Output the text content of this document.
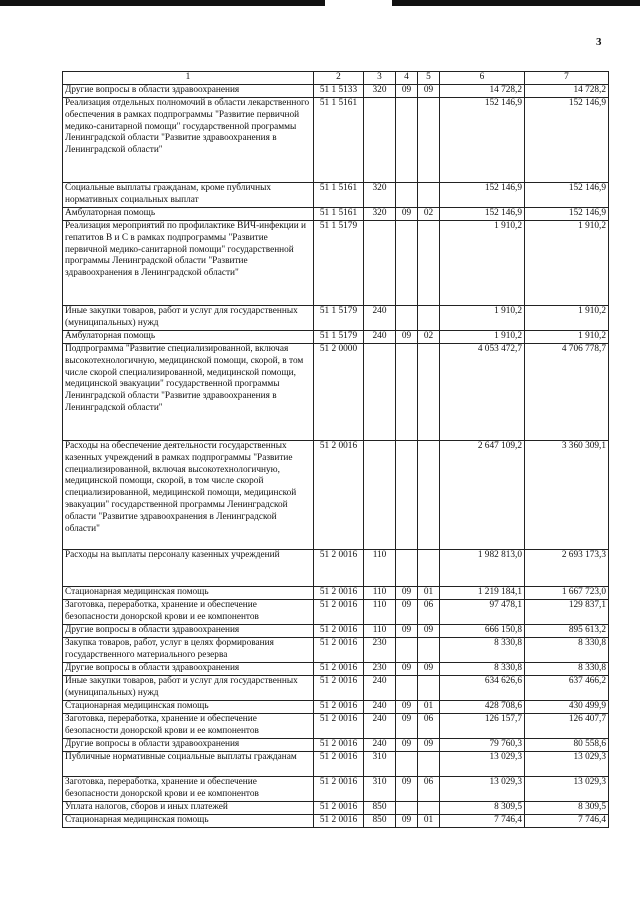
3
1	2	3	4	5	6	7
Другие вопросы в области здравоохранения	51 1 5133	320	09	09	14 728,2	14 728,2
Реализация отдельных полномочий в области лекарственного обеспечения в рамках подпрограммы "Развитие первичной медико-санитарной помощи" государственной программы Ленинградской области "Развитие здравоохранения в Ленинградской области"	51 1 5161				152 146,9	152 146,9
Социальные выплаты гражданам, кроме публичных нормативных социальных выплат	51 1 5161	320			152 146,9	152 146,9
Амбулаторная помощь	51 1 5161	320	09	02	152 146,9	152 146,9
Реализация мероприятий по профилактике ВИЧ-инфекции и гепатитов В и С в рамках подпрограммы "Развитие первичной медико-санитарной помощи" государственной программы Ленинградской области "Развитие здравоохранения в Ленинградской области"	51 1 5179				1 910,2	1 910,2
Иные закупки товаров, работ и услуг для государственных (муниципальных) нужд	51 1 5179	240			1 910,2	1 910,2
Амбулаторная помощь	51 1 5179	240	09	02	1 910,2	1 910,2
Подпрограмма "Развитие специализированной, включая высокотехнологичную, медицинской помощи, скорой, в том числе скорой специализированной, медицинской помощи, медицинской эвакуации" государственной программы Ленинградской области "Развитие здравоохранения в Ленинградской области"	51 2 0000				4 053 472,7	4 706 778,7
Расходы на обеспечение деятельности государственных казенных учреждений в рамках подпрограммы "Развитие специализированной, включая высокотехнологичную, медицинской помощи, скорой, в том числе скорой специализированной, медицинской помощи, медицинской эвакуации" государственной программы Ленинградской области "Развитие здравоохранения в Ленинградской области"	51 2 0016				2 647 109,2	3 360 309,1
Расходы на выплаты персоналу казенных учреждений	51 2 0016	110			1 982 813,0	2 693 173,3
Стационарная медицинская помощь	51 2 0016	110	09	01	1 219 184,1	1 667 723,0
Заготовка, переработка, хранение и обеспечение безопасности донорской крови и ее компонентов	51 2 0016	110	09	06	97 478,1	129 837,1
Другие вопросы в области здравоохранения	51 2 0016	110	09	09	666 150,8	895 613,2
Закупка товаров, работ, услуг в целях формирования государственного материального резерва	51 2 0016	230			8 330,8	8 330,8
Другие вопросы в области здравоохранения	51 2 0016	230	09	09	8 330,8	8 330,8
Иные закупки товаров, работ и услуг для государственных (муниципальных) нужд	51 2 0016	240			634 626,6	637 466,2
Стационарная медицинская помощь	51 2 0016	240	09	01	428 708,6	430 499,9
Заготовка, переработка, хранение и обеспечение безопасности донорской крови и ее компонентов	51 2 0016	240	09	06	126 157,7	126 407,7
Другие вопросы в области здравоохранения	51 2 0016	240	09	09	79 760,3	80 558,6
Публичные нормативные социальные выплаты гражданам	51 2 0016	310			13 029,3	13 029,3
Заготовка, переработка, хранение и обеспечение безопасности донорской крови и ее компонентов	51 2 0016	310	09	06	13 029,3	13 029,3
Уплата налогов, сборов и иных платежей	51 2 0016	850			8 309,5	8 309,5
Стационарная медицинская помощь	51 2 0016	850	09	01	7 746,4	7 746,4
